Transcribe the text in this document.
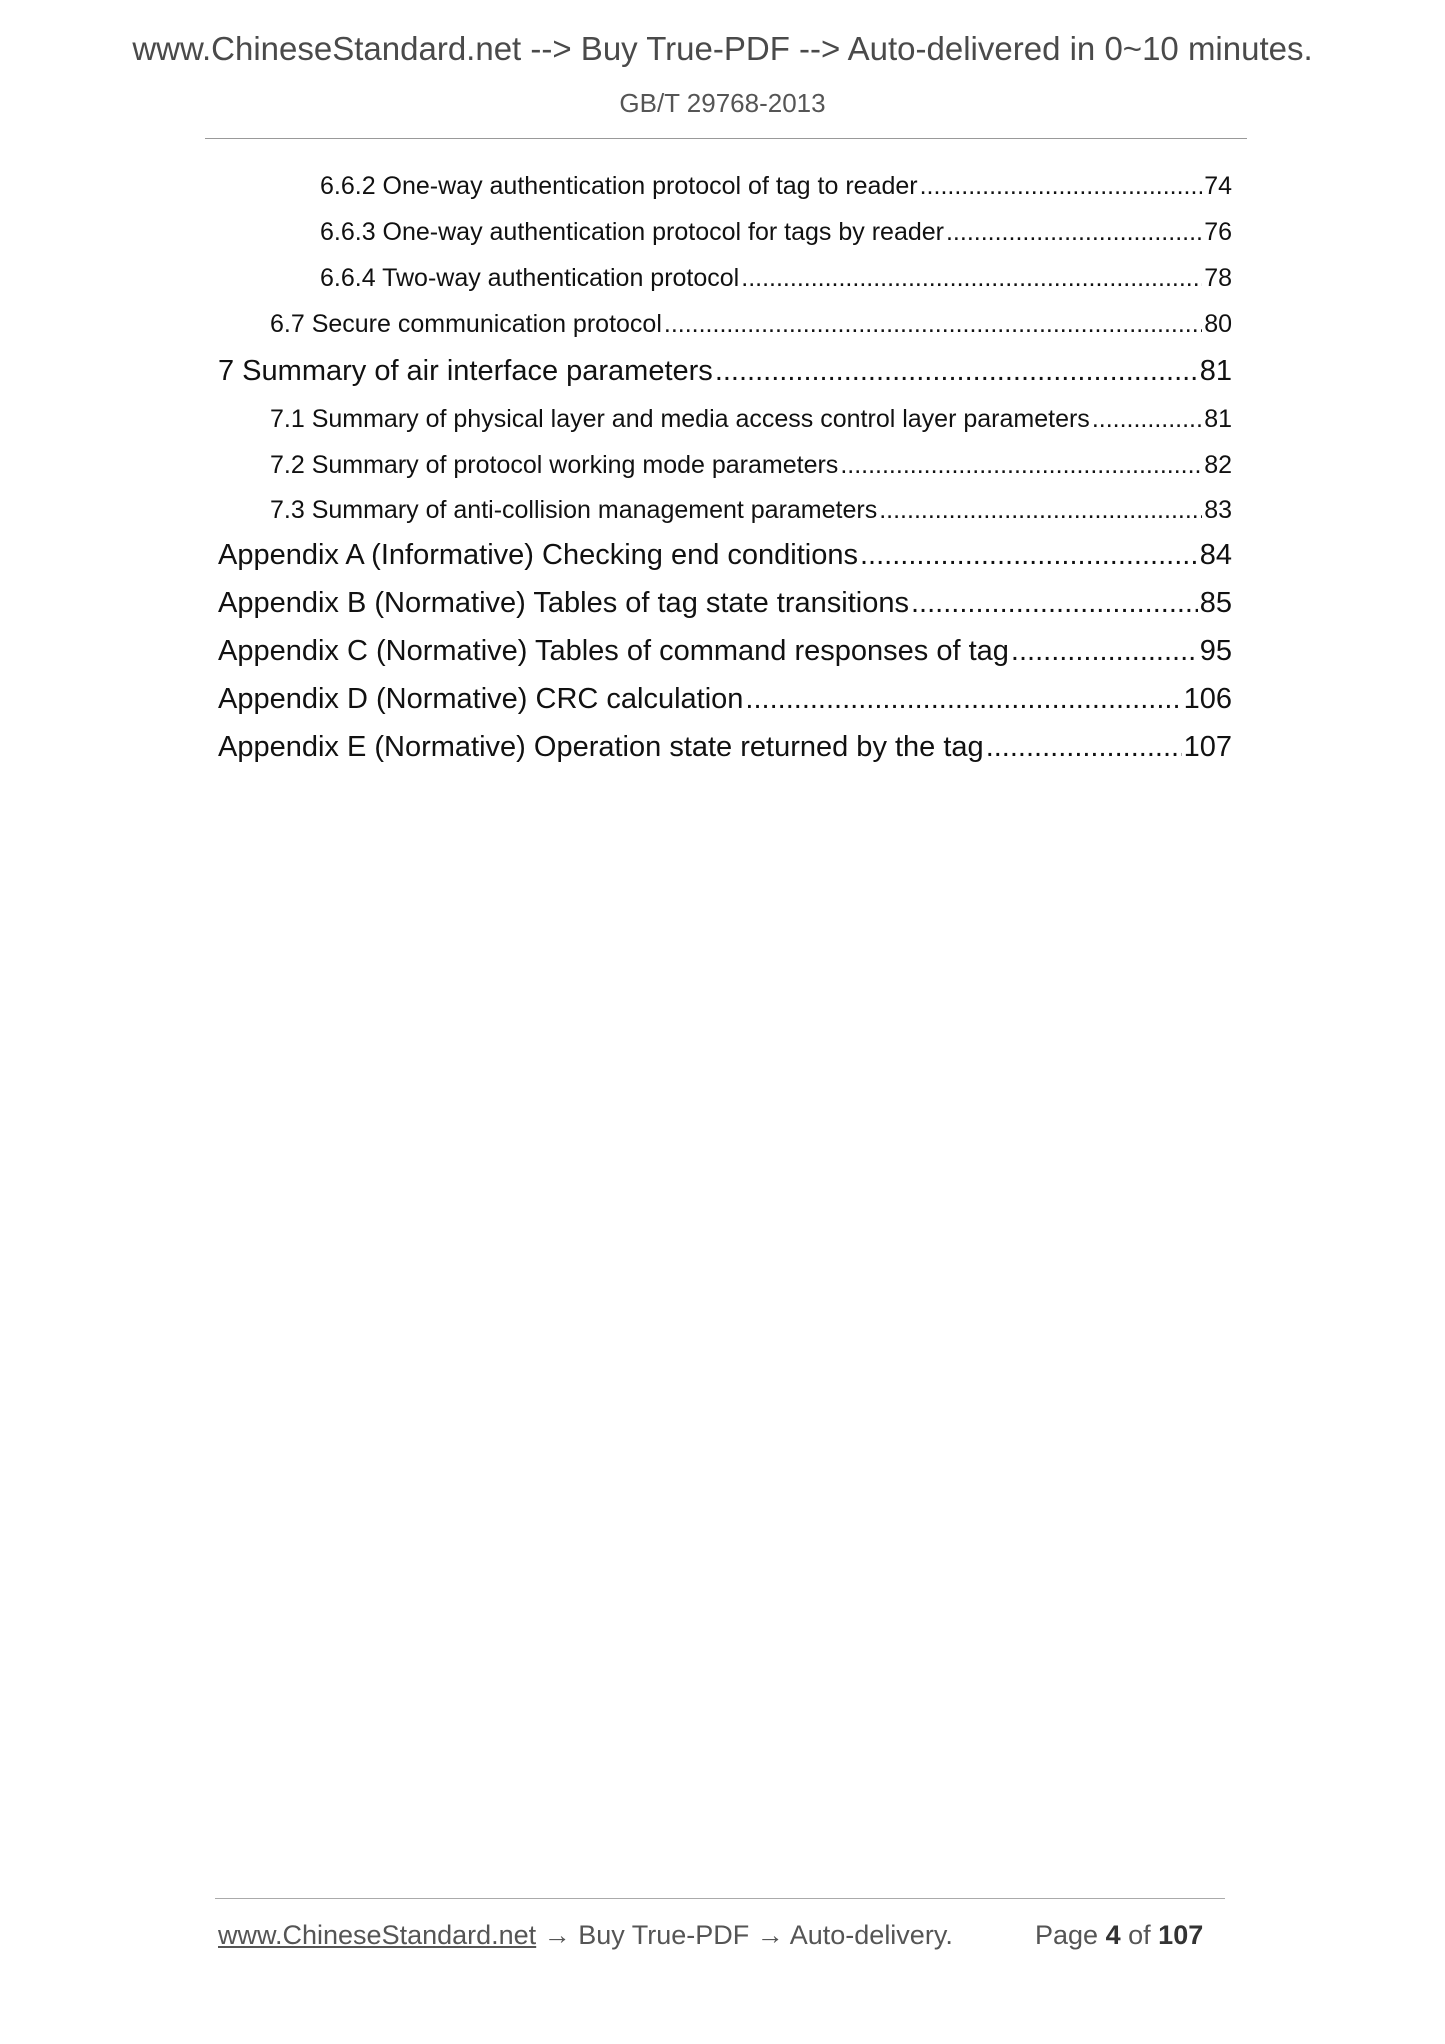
www.ChineseStandard.net --> Buy True-PDF --> Auto-delivered in 0~10 minutes.
GB/T 29768-2013
6.6.2 One-way authentication protocol of tag to reader .....	74
6.6.3 One-way authentication protocol for tags by reader .....	76
6.6.4 Two-way authentication protocol .....	78
6.7 Secure communication protocol .....	80
7 Summary of air interface parameters .....	81
7.1 Summary of physical layer and media access control layer parameters .....	81
7.2 Summary of protocol working mode parameters .....	82
7.3 Summary of anti-collision management parameters .....	83
Appendix A (Informative) Checking end conditions .....	84
Appendix B (Normative) Tables of tag state transitions .....	85
Appendix C (Normative) Tables of command responses of tag .....	95
Appendix D (Normative) CRC calculation .....	106
Appendix E (Normative) Operation state returned by the tag .....	107
www.ChineseStandard.net → Buy True-PDF → Auto-delivery.	Page 4 of 107
